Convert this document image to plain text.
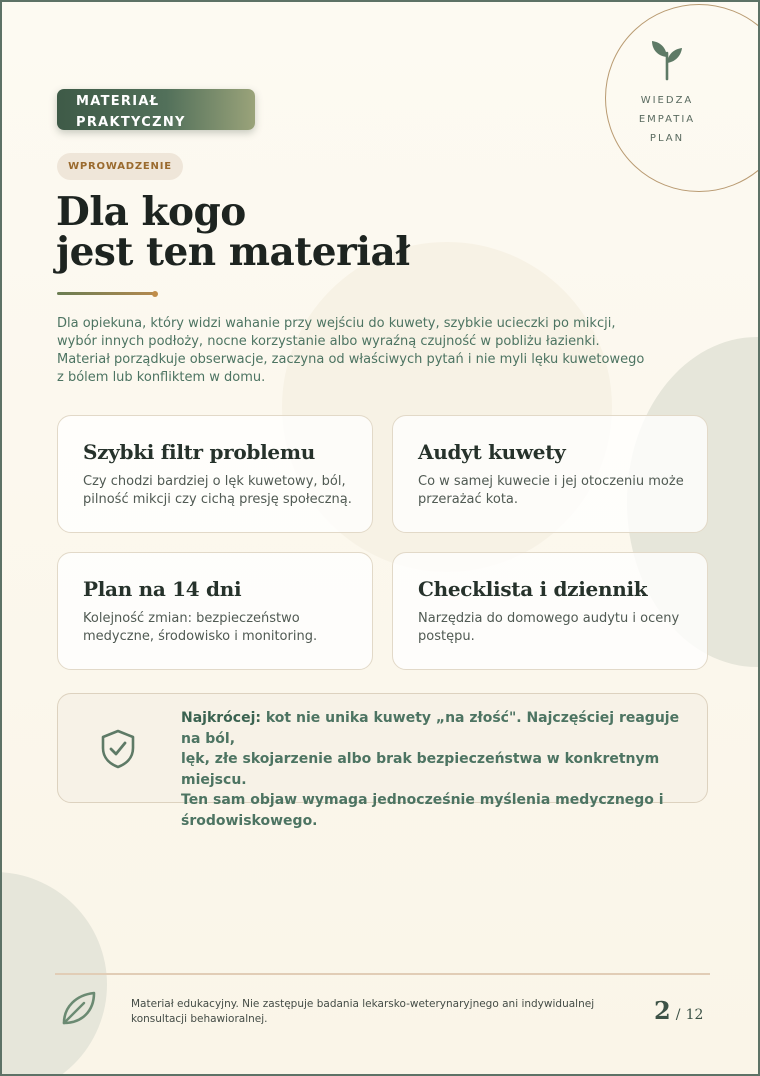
WIEDZA
EMPATIA
PLAN
MATERIAŁ
PRAKTYCZNY
WPROWADZENIE
Dla kogo
jest ten materiał
Dla opiekuna, który widzi wahanie przy wejściu do kuwety, szybkie ucieczki po mikcji,
wybór innych podłoży, nocne korzystanie albo wyraźną czujność w pobliżu łazienki.
Materiał porządkuje obserwacje, zaczyna od właściwych pytań i nie myli lęku kuwetowego
z bólem lub konfliktem w domu.
Szybki filtr problemu
Czy chodzi bardziej o lęk kuwetowy, ból,
pilność mikcji czy cichą presję społeczną.
Audyt kuwety
Co w samej kuwecie i jej otoczeniu może
przerażać kota.
Plan na 14 dni
Kolejność zmian: bezpieczeństwo
medyczne, środowisko i monitoring.
Checklista i dziennik
Narzędzia do domowego audytu i oceny
postępu.
Najkrócej: kot nie unika kuwety „na złość". Najczęściej reaguje na ból,
lęk, złe skojarzenie albo brak bezpieczeństwa w konkretnym miejscu.
Ten sam objaw wymaga jednocześnie myślenia medycznego i
środowiskowego.
Materiał edukacyjny. Nie zastępuje badania lekarsko-weterynaryjnego ani indywidualnej
konsultacji behawioralnej.	2 / 12
